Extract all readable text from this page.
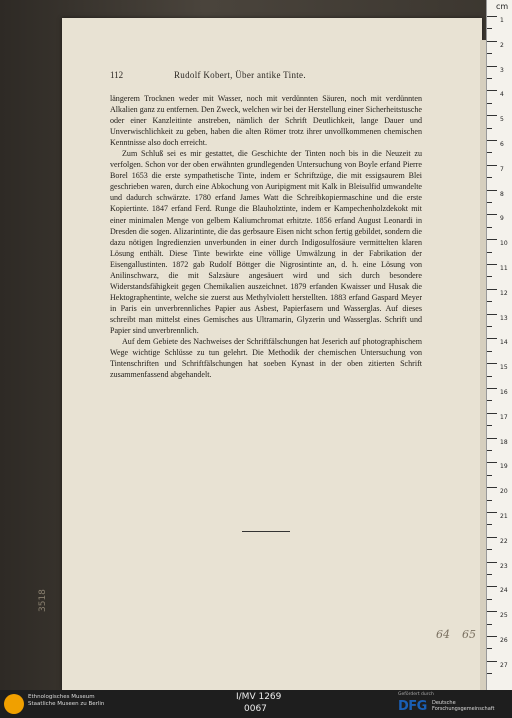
112	Rudolf Kobert, Über antike Tinte.

längerem Trocknen weder mit Wasser, noch mit verdünnten Säuren, noch mit verdünnten Alkalien ganz zu entfernen. Den Zweck, welchen wir bei der Herstellung einer Sicherheitstusche oder einer Kanzleitinte anstreben, nämlich der Schrift Deutlichkeit, lange Dauer und Unverwischlichkeit zu geben, haben die alten Römer trotz ihrer unvollkommenen chemischen Kenntnisse also doch erreicht.

Zum Schluß sei es mir gestattet, die Geschichte der Tinten noch bis in die Neuzeit zu verfolgen. Schon vor der oben erwähnten grundlegenden Untersuchung von Boyle erfand Pierre Borel 1653 die erste sympathetische Tinte, indem er Schriftzüge, die mit essigsaurem Blei geschrieben waren, durch eine Abkochung von Auripigment mit Kalk in Bleisulfid umwandelte und dadurch schwärzte. 1780 erfand James Watt die Schreibkopiermaschine und die erste Kopiertinte. 1847 erfand Ferd. Runge die Blauholztinte, indem er Kampechenholzdekokt mit einer minimalen Menge von gelbem Kaliumchromat erhitzte. 1856 erfand August Leonardi in Dresden die sogen. Alizarintinte, die das gerbsaure Eisen nicht schon fertig gebildet, sondern die dazu nötigen Ingredienzien unverbunden in einer durch Indigosulfosäure vermittelten klaren Lösung enthält. Diese Tinte bewirkte eine völlige Umwälzung in der Fabrikation der Eisengallustinten. 1872 gab Rudolf Böttger die Nigrosintinte an, d. h. eine Lösung von Anilinschwarz, die mit Salzsäure angesäuert wird und sich durch besondere Widerstandsfähigkeit gegen Chemikalien auszeichnet. 1879 erfanden Kwaisser und Husak die Hektographentinte, welche sie zuerst aus Methylviolett herstellten. 1883 erfand Gaspard Meyer in Paris ein unverbrennliches Papier aus Asbest, Papierfasern und Wasserglas. Auf dieses schreibt man mittelst eines Gemisches aus Ultramarin, Glyzerin und Wasserglas. Schrift und Papier sind unverbrennlich.

Auf dem Gebiete des Nachweises der Schriftfälschungen hat Jeserich auf photographischem Wege wichtige Schlüsse zu tun gelehrt. Die Methodik der chemischen Untersuchung von Tintenschriften und Schriftfälschungen hat soeben Kynast in der oben zitierten Schrift zusammenfassend abgehandelt.

3518
64 65
cm
1
2
3
4
5
6
7
8
9
10
11
12
13
14
15
16
17
18
19
20
21
22
23
24
25
26
27
Ethnologisches Museum
Staatliche Museen zu Berlin
I/MV 1269
0067
Gefördert durch
DFG Deutsche
Forschungsgemeinschaft
